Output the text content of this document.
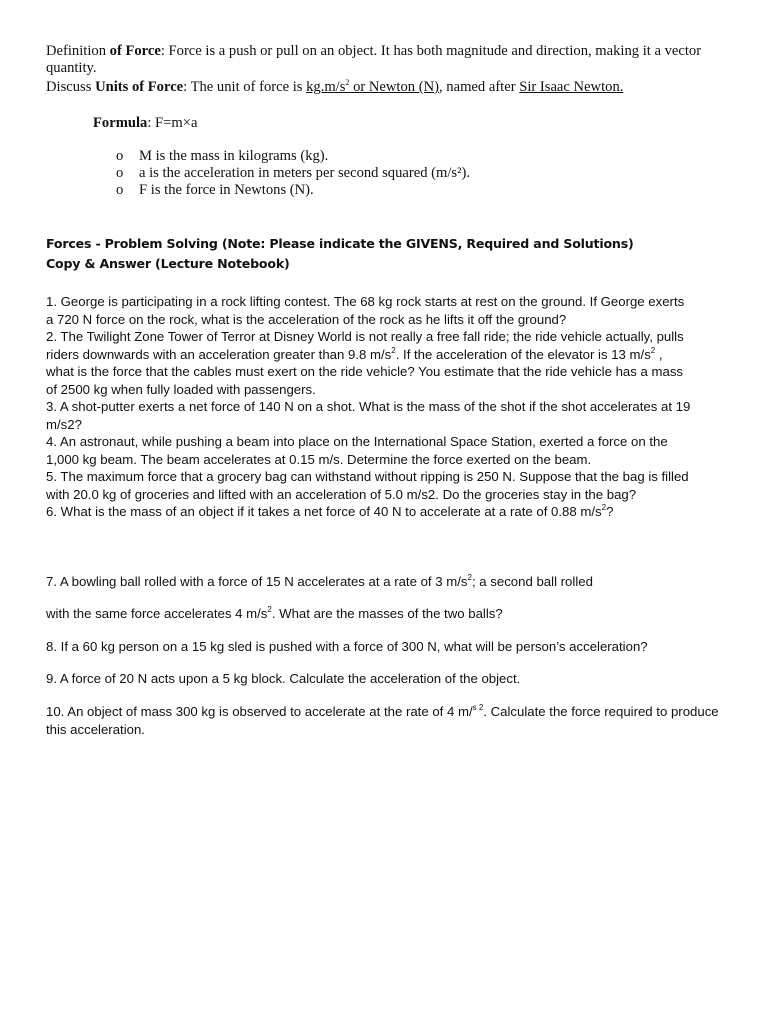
Definition of Force: Force is a push or pull on an object. It has both magnitude and direction, making it a vector quantity.

Discuss Units of Force: The unit of force is $kg.m/s^2$ or Newton (N), named after Sir Isaac Newton.

Formula: F=m×a

o M is the mass in kilograms (kg).
o a is the acceleration in meters per second squared (m/s²).
o F is the force in Newtons (N).

Forces - Problem Solving (Note: Please indicate the GIVENS, Required and Solutions)

Copy & Answer (Lecture Notebook)

1. George is participating in a rock lifting contest. The 68 kg rock starts at rest on the ground. If George exerts a 720 N force on the rock, what is the acceleration of the rock as he lifts it off the ground?

2. The Twilight Zone Tower of Terror at Disney World is not really a free fall ride; the ride vehicle actually, pulls riders downwards with an acceleration greater than 9.8 $m/s^2$. If the acceleration of the elevator is 13 $m/s^2$ , what is the force that the cables must exert on the ride vehicle? You estimate that the ride vehicle has a mass of 2500 kg when fully loaded with passengers.

3. A shot-putter exerts a net force of 140 N on a shot. What is the mass of the shot if the shot accelerates at 19 m/s2?

4. An astronaut, while pushing a beam into place on the International Space Station, exerted a force on the 1,000 kg beam. The beam accelerates at 0.15 m/s. Determine the force exerted on the beam.

5. The maximum force that a grocery bag can withstand without ripping is 250 N. Suppose that the bag is filled with 20.0 kg of groceries and lifted with an acceleration of 5.0 m/s2. Do the groceries stay in the bag?

6. What is the mass of an object if it takes a net force of 40 N to accelerate at a rate of 0.88 $m/s^2$?

7. A bowling ball rolled with a force of 15 N accelerates at a rate of 3 $m/s^2$; a second ball rolled

with the same force accelerates 4 $m/s^2$. What are the masses of the two balls?

8. If a 60 kg person on a 15 kg sled is pushed with a force of 300 N, what will be person’s acceleration?

9. A force of 20 N acts upon a 5 kg block. Calculate the acceleration of the object.

10. An object of mass 300 kg is observed to accelerate at the rate of 4 m/$^{s 2}$. Calculate the force required to produce this acceleration.
